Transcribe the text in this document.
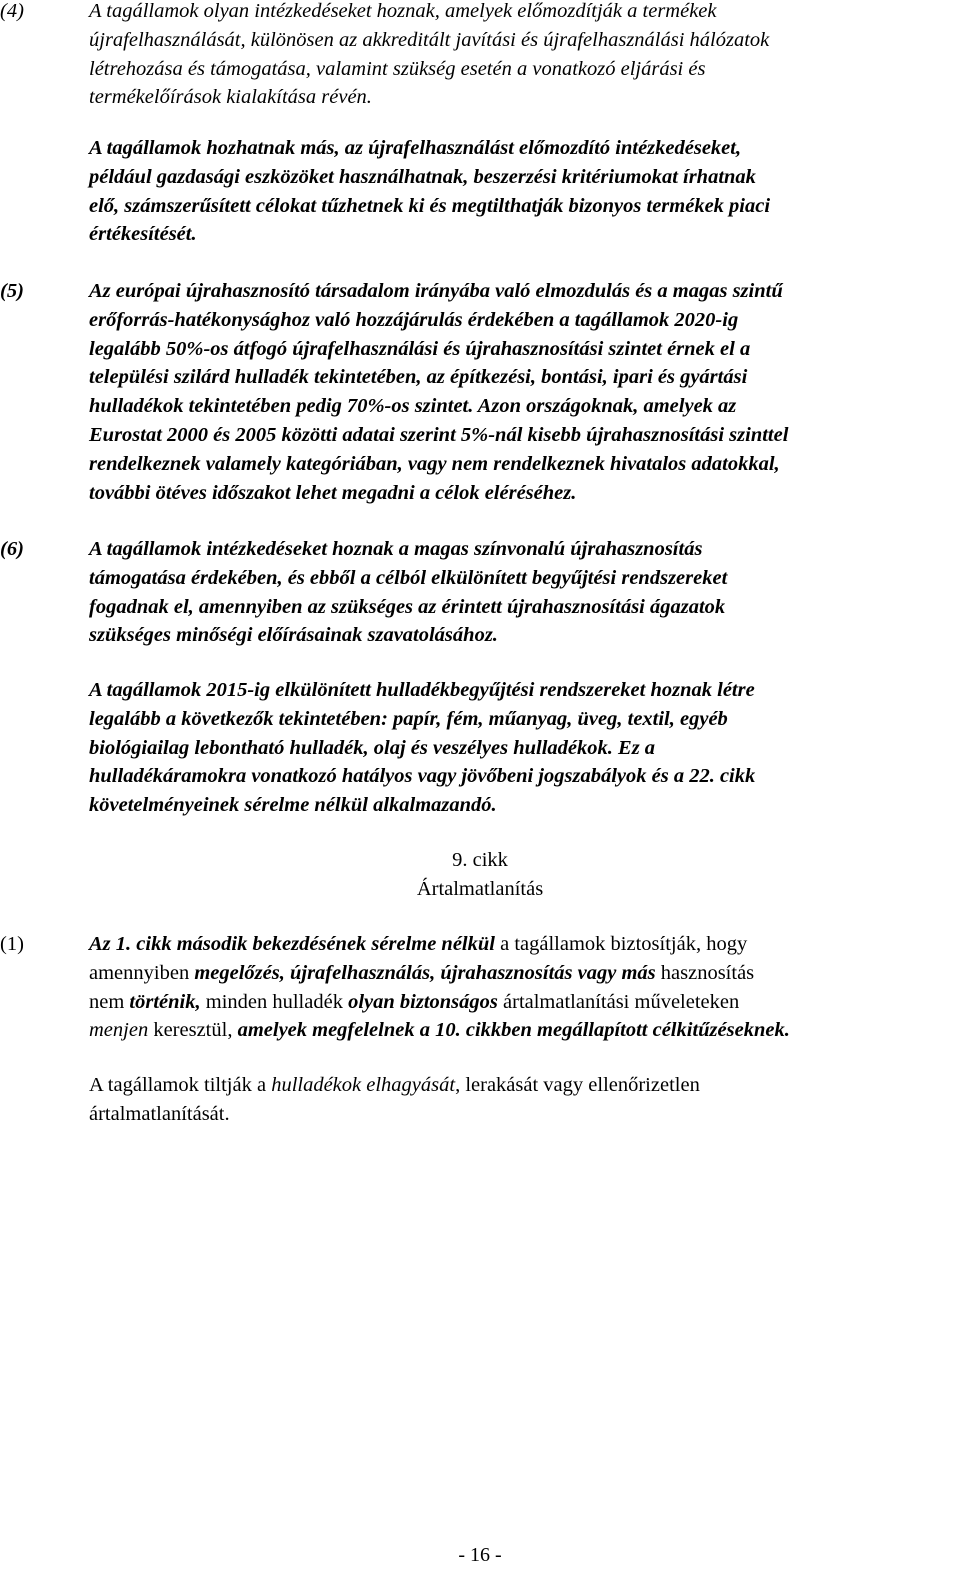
(4)	A tagállamok olyan intézkedéseket hoznak, amelyek előmozdítják a termékek
újrafelhasználását, különösen az akkreditált javítási és újrafelhasználási hálózatok
létrehozása és támogatása, valamint szükség esetén a vonatkozó eljárási és
termékelőírások kialakítása révén.
A tagállamok hozhatnak más, az újrafelhasználást előmozdító intézkedéseket,
például gazdasági eszközöket használhatnak, beszerzési kritériumokat írhatnak
elő, számszerűsített célokat tűzhetnek ki és megtilthatják bizonyos termékek piaci
értékesítését.
(5)	Az európai újrahasznosító társadalom irányába való elmozdulás és a magas szintű
erőforrás-hatékonysághoz való hozzájárulás érdekében a tagállamok 2020-ig
legalább 50%-os átfogó újrafelhasználási és újrahasznosítási szintet érnek el a
települési szilárd hulladék tekintetében, az építkezési, bontási, ipari és gyártási
hulladékok tekintetében pedig 70%-os szintet. Azon országoknak, amelyek az
Eurostat 2000 és 2005 közötti adatai szerint 5%-nál kisebb újrahasznosítási szinttel
rendelkeznek valamely kategóriában, vagy nem rendelkeznek hivatalos adatokkal,
további ötéves időszakot lehet megadni a célok eléréséhez.
(6)	A tagállamok intézkedéseket hoznak a magas színvonalú újrahasznosítás
támogatása érdekében, és ebből a célból elkülönített begyűjtési rendszereket
fogadnak el, amennyiben az szükséges az érintett újrahasznosítási ágazatok
szükséges minőségi előírásainak szavatolásához.
A tagállamok 2015-ig elkülönített hulladékbegyűjtési rendszereket hoznak létre
legalább a következők tekintetében: papír, fém, műanyag, üveg, textil, egyéb
biológiailag lebontható hulladék, olaj és veszélyes hulladékok. Ez a
hulladékáramokra vonatkozó hatályos vagy jövőbeni jogszabályok és a 22. cikk
követelményeinek sérelme nélkül alkalmazandó.
9. cikk
Ártalmatlanítás
(1)	Az 1. cikk második bekezdésének sérelme nélkül a tagállamok biztosítják, hogy
amennyiben megelőzés, újrafelhasználás, újrahasznosítás vagy más hasznosítás
nem történik, minden hulladék olyan biztonságos ártalmatlanítási műveleteken
menjen keresztül, amelyek megfelelnek a 10. cikkben megállapított célkitűzéseknek.
A tagállamok tiltják a hulladékok elhagyását, lerakását vagy ellenőrizetlen
ártalmatlanítását.
- 16 -
